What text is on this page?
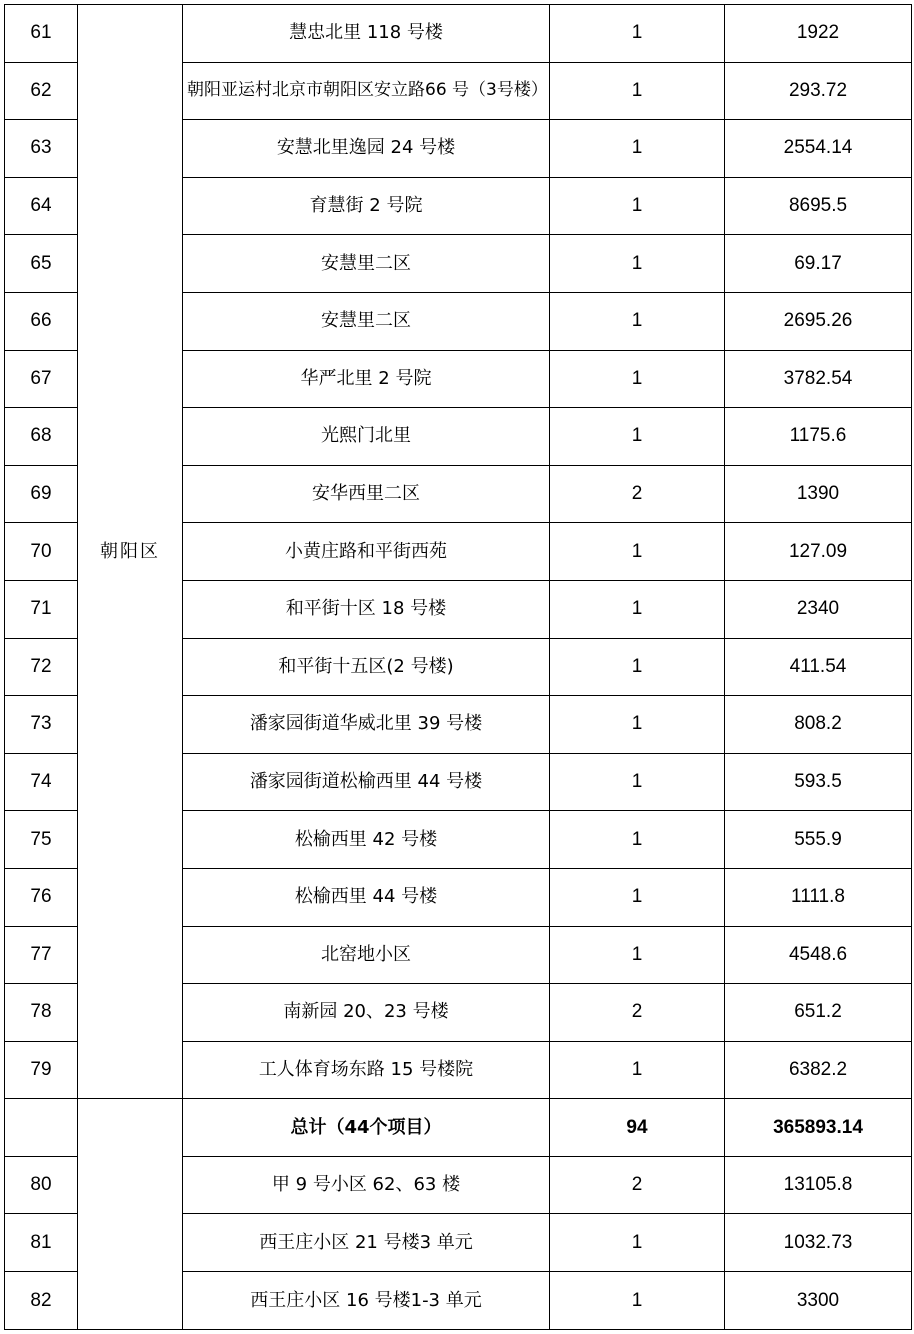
61	朝阳区	慧忠北里 118 号楼	1	1922
62		朝阳亚运村北京市朝阳区安立路66 号（3号楼）	1	293.72
63		安慧北里逸园 24 号楼	1	2554.14
64		育慧街 2 号院	1	8695.5
65		安慧里二区	1	69.17
66		安慧里二区	1	2695.26
67		华严北里 2 号院	1	3782.54
68		光熙门北里	1	1175.6
69		安华西里二区	2	1390
70		小黄庄路和平街西苑	1	127.09
71		和平街十区 18 号楼	1	2340
72		和平街十五区(2 号楼)	1	411.54
73		潘家园街道华威北里 39 号楼	1	808.2
74		潘家园街道松榆西里 44 号楼	1	593.5
75		松榆西里 42 号楼	1	555.9
76		松榆西里 44 号楼	1	1111.8
77		北窑地小区	1	4548.6
78		南新园 20、23 号楼	2	651.2
79		工人体育场东路 15 号楼院	1	6382.2
		总计（44个项目）	94	365893.14
80		甲 9 号小区 62、63 楼	2	13105.8
81		西王庄小区 21 号楼3 单元	1	1032.73
82		西王庄小区 16 号楼1-3 单元	1	3300
